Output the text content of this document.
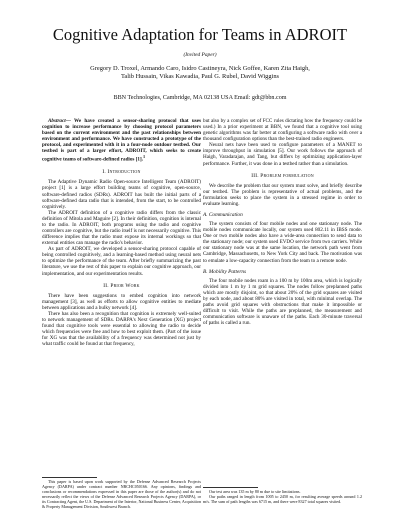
Cognitive Adaptation for Teams in ADROIT
(Invited Paper)
Gregory D. Troxel, Armando Caro, Isidro Castineyra, Nick Goffee, Karen Zita Haigh,
Talib Hussain, Vikas Kawadia, Paul G. Rubel, David Wiggins
BBN Technologies, Cambridge, MA 02138 USA Email: gdt@bbn.com

Abstract— We have created a sensor-sharing protocol that uses cognition to increase performance by choosing protocol parameters based on the current environment and the past relationships between environment and performance. We have constructed a prototype of the protocol, and experimented with it in a four-node outdoor testbed. Our testbed is part of a larger effort, ADROIT, which seeks to create cognitive teams of software-defined radios [1].$^1$

I. Introduction

The Adaptive Dynamic Radio Open-source Intelligent Team (ADROIT) project [1] is a large effort building teams of cognitive, open-source, software-defined radios (SDRs). ADROIT has built the initial parts of a software-defined data radio that is intended, from the start, to be controlled cognitively.

The ADROIT definition of a cognitive radio differs from the classic definition of Mitola and Maguire [2]. In their definition, cognition is internal to the radio. In ADROIT, both programs using the radio and cognitive controllers are cognitive, but the radio itself is not necessarily cognitive. This difference implies that the radio must expose its internal workings so that external entities can manage the radio's behavior.

As part of ADROIT, we developed a sensor-sharing protocol capable of being controlled cognitively, and a learning-based method using neural nets to optimize the performance of the team. After briefly summarizing the past literature, we use the rest of this paper to explain our cognitive approach, our implementation, and our experimentation results.

II. Prior Work

There have been suggestions to embed cognition into network management [3], as well as efforts to allow cognitive entities to mediate between applications and a bulky network [4].

There has also been a recognition that cognition is extremely well-suited to network management of SDRs. DARPA's Next Generation (XG) project found that cognitive tools were essential to allowing the radio to decide which frequencies were free and how to best exploit them. (Part of the issue for XG was that the availability of a frequency was determined not just by what traffic could be found at that frequency,

This paper is based upon work supported by the Defense Advanced Research Projects Agency (DARPA) under contract number NBCHC050166. Any opinions, findings and conclusions or recommendations expressed in this paper are those of the author(s) and do not necessarily reflect the views of the Defense Advanced Research Projects Agency (DARPA), or its Contracting Agent, the U.S. Department of the Interior, National Business Center, Acquisition & Property Management Division, Southwest Branch.

but also by a complex set of FCC rules dictating how the frequency could be used.) In a prior experiment at BBN, we found that a cognitive tool using genetic algorithms was far better at configuring a software radio with over a thousand configuration options than the best-trained radio engineers.

Neural nets have been used to configure parameters of a MANET to improve throughput in simulation [5]. Our work follows the approach of Haigh, Varadarajan, and Tang, but differs by optimizing application-layer performance. Further, it was done in a testbed rather than a simulation.

III. Problem formulation

We describe the problem that our system must solve, and briefly describe our testbed. The problem is representative of actual problems, and the formulation seeks to place the system in a stressed regime in order to evaluate learning.

A. Communication

The system consists of four mobile nodes and one stationary node. The mobile nodes communicate locally, our system used 802.11 in IBSS mode. One or two mobile nodes also have a wide-area connection to send data to the stationary node; our system used EVDO service from two carriers. While our stationary node was at the same location, the network path went from Cambridge, Massachusetts, to New York City and back. The motivation was to emulate a low-capacity connection from the team to a remote node.

B. Mobility Patterns

The four mobile nodes roam in a 100 m by 100m area, which is logically divided into 1 m by 1 m grid squares. The nodes follow preplanned paths which are mostly disjoint, so that about 20% of the grid squares are visited by each node, and about 80% are visited in total, with minimal overlap. The paths avoid grid squares with obstructions that make it impossible or difficult to visit. While the paths are preplanned, the measurement and communication software is unaware of the paths. Each 30-minute traversal of paths is called a run.

Our test area was 135 m by 80 m due to site limitations.
Our paths ranged in length from 1005 to 2450 m, for resulting average speeds around 1.2 m/s. The sum of path lengths was 6715 m, and there were 8327 total squares visited.
